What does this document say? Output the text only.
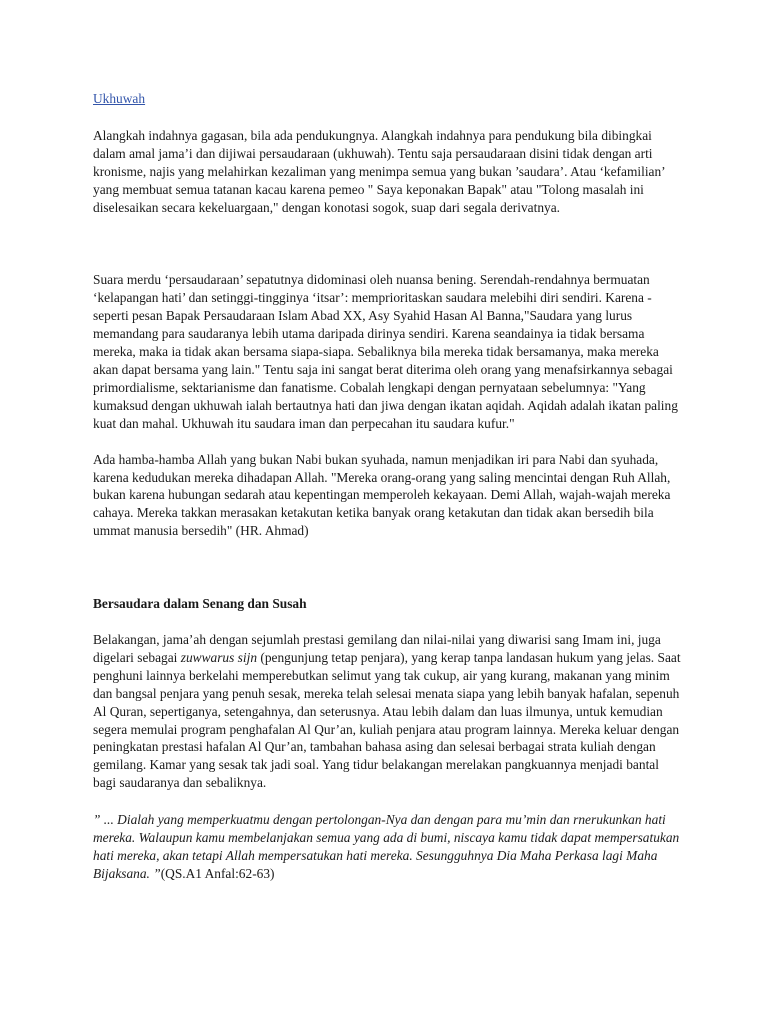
Ukhuwah

Alangkah indahnya gagasan, bila ada pendukungnya. Alangkah indahnya para pendukung bila dibingkai dalam amal jama’i dan dijiwai persaudaraan (ukhuwah). Tentu saja persaudaraan disini tidak dengan arti kronisme, najis yang melahirkan kezaliman yang menimpa semua yang bukan ’saudara’. Atau ‘kefamilian’ yang membuat semua tatanan kacau karena pemeo " Saya keponakan Bapak" atau "Tolong masalah ini diselesaikan secara kekeluargaan," dengan konotasi sogok, suap dari segala derivatnya.

Suara merdu ‘persaudaraan’ sepatutnya didominasi oleh nuansa bening. Serendah-rendahnya bermuatan ‘kelapangan hati’ dan setinggi-tingginya ‘itsar’: memprioritaskan saudara melebihi diri sendiri. Karena -seperti pesan Bapak Persaudaraan Islam Abad XX, Asy Syahid Hasan Al Banna,"Saudara yang lurus memandang para saudaranya lebih utama daripada dirinya sendiri. Karena seandainya ia tidak bersama mereka, maka ia tidak akan bersama siapa-siapa. Sebaliknya bila mereka tidak bersamanya, maka mereka akan dapat bersama yang lain." Tentu saja ini sangat berat diterima oleh orang yang menafsirkannya sebagai primordialisme, sektarianisme dan fanatisme. Cobalah lengkapi dengan pernyataan sebelumnya: "Yang kumaksud dengan ukhuwah ialah bertautnya hati dan jiwa dengan ikatan aqidah. Aqidah adalah ikatan paling kuat dan mahal. Ukhuwah itu saudara iman dan perpecahan itu saudara kufur."

Ada hamba-hamba Allah yang bukan Nabi bukan syuhada, namun menjadikan iri para Nabi dan syuhada, karena kedudukan mereka dihadapan Allah. "Mereka orang-orang yang saling mencintai dengan Ruh Allah, bukan karena hubungan sedarah atau kepentingan memperoleh kekayaan. Demi Allah, wajah-wajah mereka cahaya. Mereka takkan merasakan ketakutan ketika banyak orang ketakutan dan tidak akan bersedih bila ummat manusia bersedih" (HR. Ahmad)

Bersaudara dalam Senang dan Susah

Belakangan, jama’ah dengan sejumlah prestasi gemilang dan nilai-nilai yang diwarisi sang Imam ini, juga digelari sebagai zuwwarus sijn (pengunjung tetap penjara), yang kerap tanpa landasan hukum yang jelas. Saat penghuni lainnya berkelahi memperebutkan selimut yang tak cukup, air yang kurang, makanan yang minim dan bangsal penjara yang penuh sesak, mereka telah selesai menata siapa yang lebih banyak hafalan, sepenuh Al Quran, sepertiganya, setengahnya, dan seterusnya. Atau lebih dalam dan luas ilmunya, untuk kemudian segera memulai program penghafalan Al Qur’an, kuliah penjara atau program lainnya. Mereka keluar dengan peningkatan prestasi hafalan Al Qur’an, tambahan bahasa asing dan selesai berbagai strata kuliah dengan gemilang. Kamar yang sesak tak jadi soal. Yang tidur belakangan merelakan pangkuannya menjadi bantal bagi saudaranya dan sebaliknya.

” ... Dialah yang memperkuatmu dengan pertolongan-Nya dan dengan para mu’min dan rnerukunkan hati mereka. Walaupun kamu membelanjakan semua yang ada di bumi, niscaya kamu tidak dapat mempersatukan hati mereka, akan tetapi Allah mempersatukan hati mereka. Sesungguhnya Dia Maha Perkasa lagi Maha Bijaksana. ”(QS.A1 Anfal:62-63)
